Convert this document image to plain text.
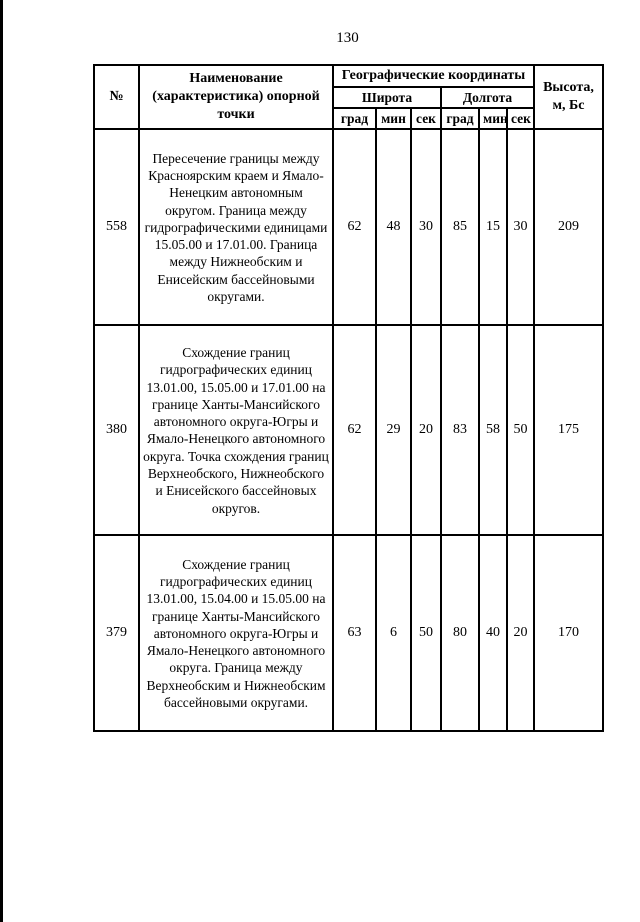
130
№	Наименование (характеристика) опорной точки	Географические координаты						Высота, м, Бс
		Широта			Долгота			
		град	мин	сек	град	мин	сек	
558	Пересечение границы между Красноярским краем и Ямало-Ненецким автономным округом. Граница между гидрографическими единицами 15.05.00 и 17.01.00. Граница между Нижнеобским и Енисейским бассейновыми округами.	62	48	30	85	15	30	209
380	Схождение границ гидрографических единиц 13.01.00, 15.05.00 и 17.01.00 на границе Ханты-Мансийского автономного округа-Югры и Ямало-Ненецкого автономного округа. Точка схождения границ Верхнеобского, Нижнеобского и Енисейского бассейновых округов.	62	29	20	83	58	50	175
379	Схождение границ гидрографических единиц 13.01.00, 15.04.00 и 15.05.00 на границе Ханты-Мансийского автономного округа-Югры и Ямало-Ненецкого автономного округа. Граница между Верхнеобским и Нижнеобским бассейновыми округами.	63	6	50	80	40	20	170
